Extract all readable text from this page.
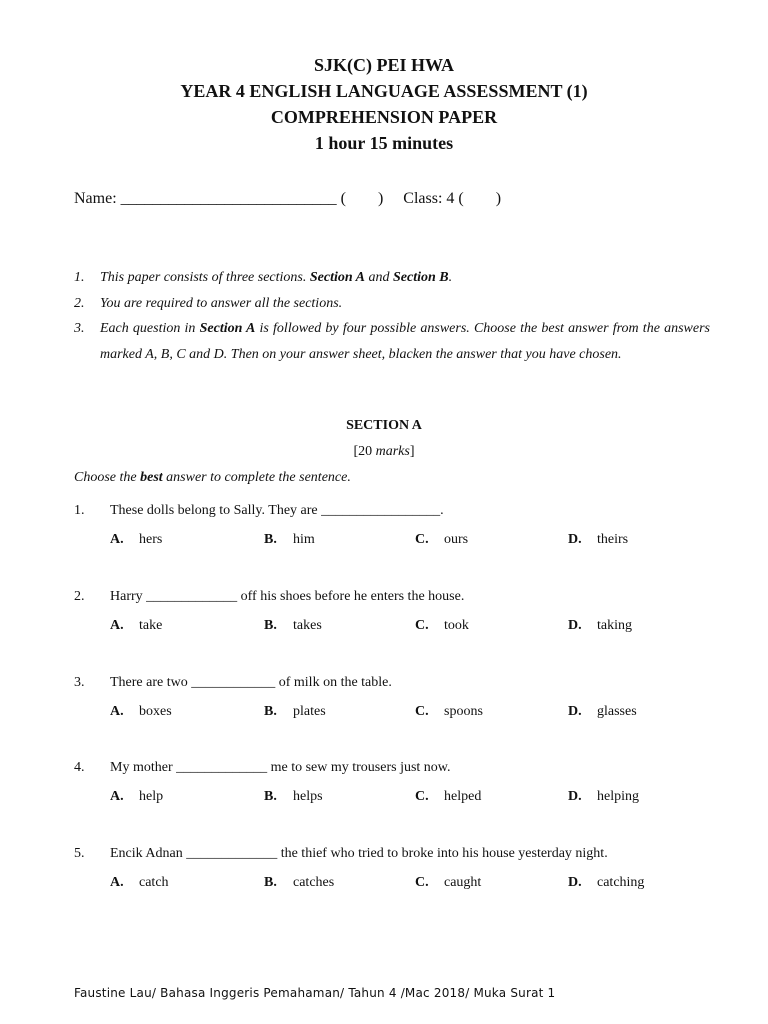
SJK(C) PEI HWA
YEAR 4 ENGLISH LANGUAGE ASSESSMENT (1)
COMPREHENSION PAPER
1 hour 15 minutes
Name: ___________________________ (        )     Class: 4 (        )
1. This paper consists of three sections. Section A and Section B.
2. You are required to answer all the sections.
3. Each question in Section A is followed by four possible answers. Choose the best answer from the answers marked A, B, C and D. Then on your answer sheet, blacken the answer that you have chosen.
SECTION A
[20 marks]
Choose the best answer to complete the sentence.
1. These dolls belong to Sally. They are _________________.
A. hers	B. him	C. ours	D. theirs
2. Harry _____________ off his shoes before he enters the house.
A. take	B. takes	C. took	D. taking
3. There are two ____________ of milk on the table.
A. boxes	B. plates	C. spoons	D. glasses
4. My mother _____________ me to sew my trousers just now.
A. help	B. helps	C. helped	D. helping
5. Encik Adnan _____________ the thief who tried to broke into his house yesterday night.
A. catch	B. catches	C. caught	D. catching
Faustine Lau/ Bahasa Inggeris Pemahaman/ Tahun 4 /Mac 2018/ Muka Surat 1
